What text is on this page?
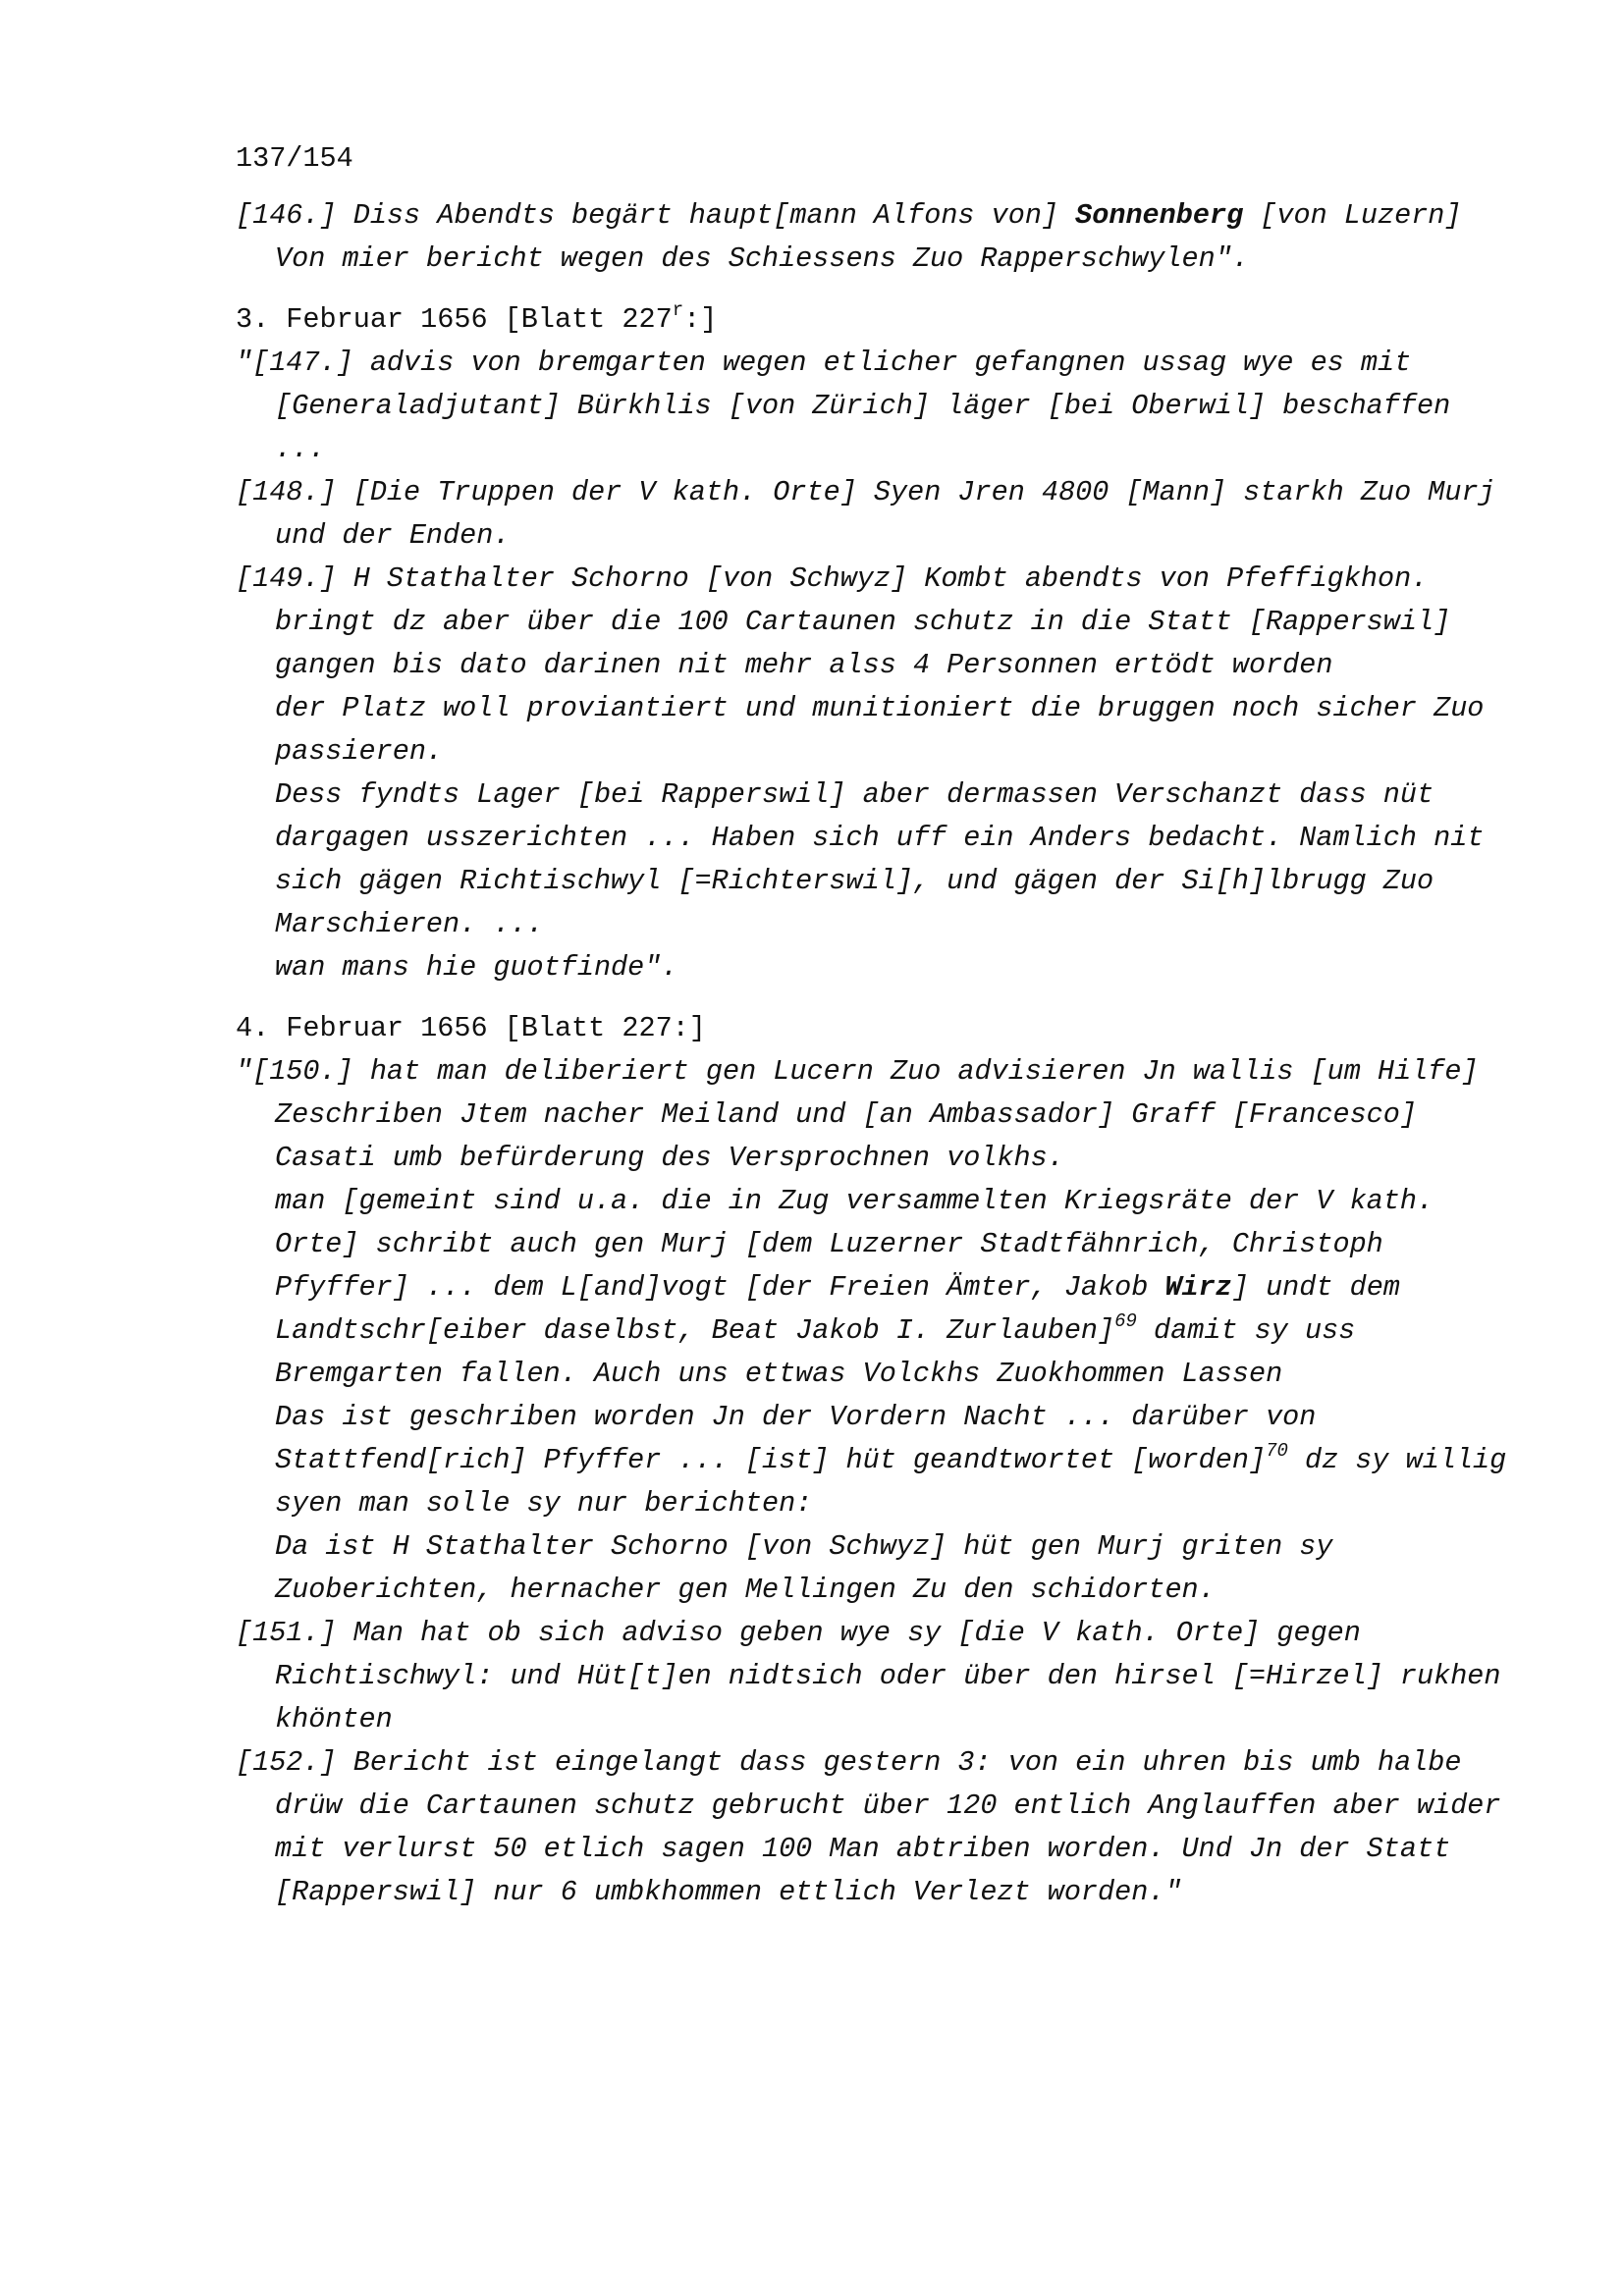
137/154

[146.] Diss Abendts begärt haupt[mann Alfons von] Sonnenberg [von Luzern] Von mier bericht wegen des Schiessens Zuo Rapperschwylen".

3. Februar 1656 [Blatt 227$^r$:]

"[147.] advis von bremgarten wegen etlicher gefangnen ussag wye es mit [Generaladjutant] Bürkhlis [von Zürich] läger [bei Oberwil] beschaffen ...

[148.] [Die Truppen der V kath. Orte] Syen Jren 4800 [Mann] starkh Zuo Murj und der Enden.

[149.] H Stathalter Schorno [von Schwyz] Kombt abendts von Pfeffigkhon. bringt dz aber über die 100 Cartaunen schutz in die Statt [Rapperswil] gangen bis dato darinen nit mehr alss 4 Personnen ertödt worden

der Platz woll proviantiert und munitioniert die bruggen noch sicher Zuo passieren.

Dess fyndts Lager [bei Rapperswil] aber dermassen Verschanzt dass nüt dargagen usszerichten ... Haben sich uff ein Anders bedacht. Namlich nit sich gägen Richtischwyl [=Richterswil], und gägen der Si[h]lbrugg Zuo Marschieren. ...

wan mans hie guotfinde".

4. Februar 1656 [Blatt 227:]

"[150.] hat man deliberiert gen Lucern Zuo advisieren Jn wallis [um Hilfe] Zeschriben Jtem nacher Meiland und [an Ambassador] Graff [Francesco] Casati umb befürderung des Versprochnen volkhs.

man [gemeint sind u.a. die in Zug versammelten Kriegsräte der V kath. Orte] schribt auch gen Murj [dem Luzerner Stadtfähnrich, Christoph Pfyffer] ... dem L[and]vogt [der Freien Ämter, Jakob Wirz] undt dem Landtschr[eiber daselbst, Beat Jakob I. Zurlauben]$^{69}$ damit sy uss Bremgarten fallen. Auch uns ettwas Volckhs Zuokhommen Lassen

Das ist geschriben worden Jn der Vordern Nacht ... darüber von Stattfend[rich] Pfyffer ... [ist] hüt geandtwortet [worden]$^{70}$ dz sy willig syen man solle sy nur berichten:

Da ist H Stathalter Schorno [von Schwyz] hüt gen Murj griten sy Zuoberichten, hernacher gen Mellingen Zu den schidorten.

[151.] Man hat ob sich adviso geben wye sy [die V kath. Orte] gegen Richtischwyl: und Hüt[t]en nidtsich oder über den hirsel [=Hirzel] rukhen khönten

[152.] Bericht ist eingelangt dass gestern 3: von ein uhren bis umb halbe drüw die Cartaunen schutz gebrucht über 120 entlich Anglauffen aber wider mit verlurst 50 etlich sagen 100 Man abtriben worden. Und Jn der Statt [Rapperswil] nur 6 umbkhommen ettlich Verlezt worden."
